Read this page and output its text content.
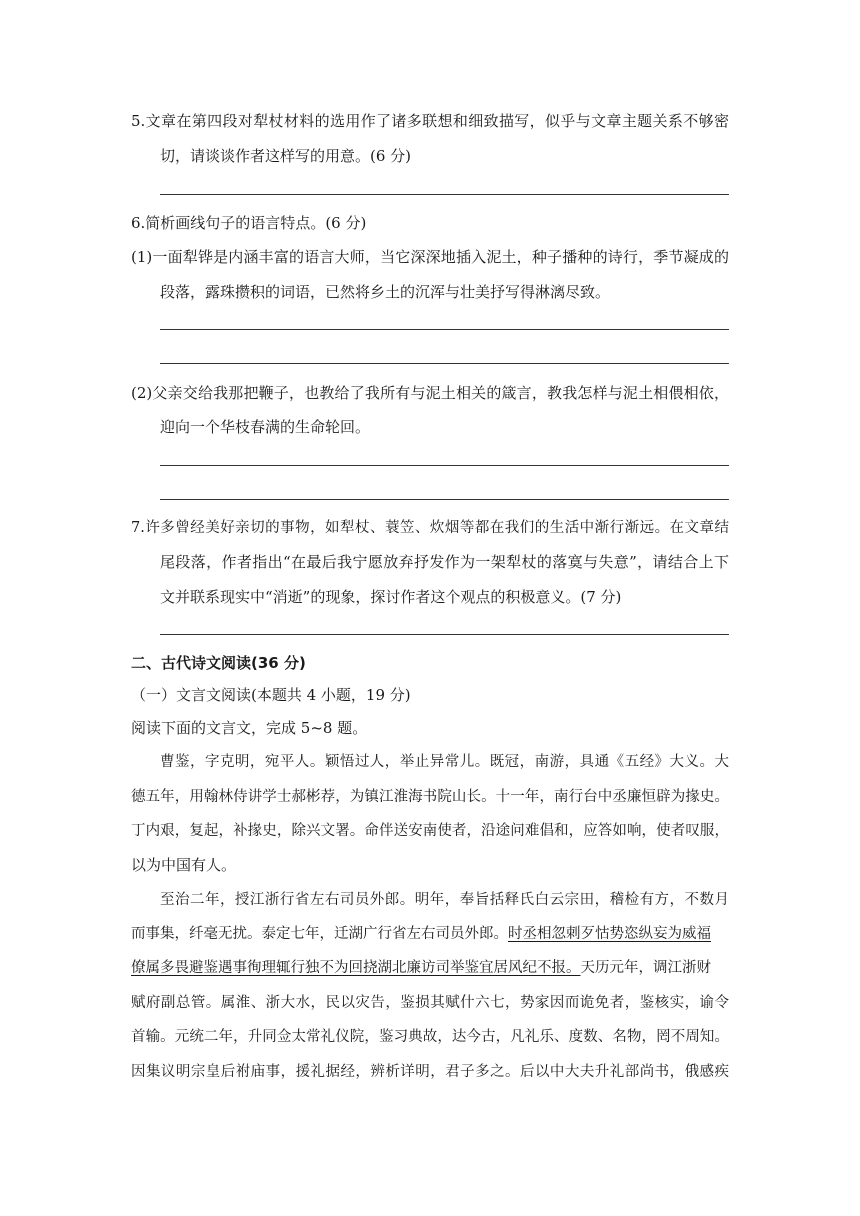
5.文章在第四段对犁杖材料的选用作了诸多联想和细致描写，似乎与文章主题关系不够密
切，请谈谈作者这样写的用意。(6 分)
6.简析画线句子的语言特点。(6 分)
(1)一面犁铧是内涵丰富的语言大师，当它深深地插入泥土，种子播种的诗行，季节凝成的
段落，露珠攒积的词语，已然将乡土的沉浑与壮美抒写得淋漓尽致。
(2)父亲交给我那把鞭子，也教给了我所有与泥土相关的箴言，教我怎样与泥土相偎相依，
迎向一个华枝春满的生命轮回。
7.许多曾经美好亲切的事物，如犁杖、蓑笠、炊烟等都在我们的生活中渐行渐远。在文章结
尾段落，作者指出“在最后我宁愿放弃抒发作为一架犁杖的落寞与失意”，请结合上下
文并联系现实中“消逝”的现象，探讨作者这个观点的积极意义。(7 分)
二、古代诗文阅读(36 分)
（一）文言文阅读(本题共 4 小题，19 分)
阅读下面的文言文，完成 5~8 题。
曹鉴，字克明，宛平人。颖悟过人，举止异常儿。既冠，南游，具通《五经》大义。大
德五年，用翰林侍讲学士郝彬荐，为镇江淮海书院山长。十一年，南行台中丞廉恒辟为掾史。
丁内艰，复起，补掾史，除兴文署。命伴送安南使者，沿途问难倡和，应答如响，使者叹服，
以为中国有人。
至治二年，授江浙行省左右司员外郎。明年，奉旨括释氏白云宗田，稽检有方，不数月
而事集，纤毫无扰。泰定七年，迁湖广行省左右司员外郎。时丞相忽刺歹怙势恣纵妄为威福
僚属多畏避鉴遇事徇理辄行独不为回挠湖北廉访司举鉴宜居风纪不报。天历元年，调江浙财
赋府副总管。属淮、浙大水，民以灾告，鉴损其赋什六七，势家因而诡免者，鉴核实，谕令
首输。元统二年，升同佥太常礼仪院，鉴习典故，达今古，凡礼乐、度数、名物，罔不周知。
因集议明宗皇后祔庙事，援礼据经，辨析详明，君子多之。后以中大夫升礼部尚书，俄感疾
